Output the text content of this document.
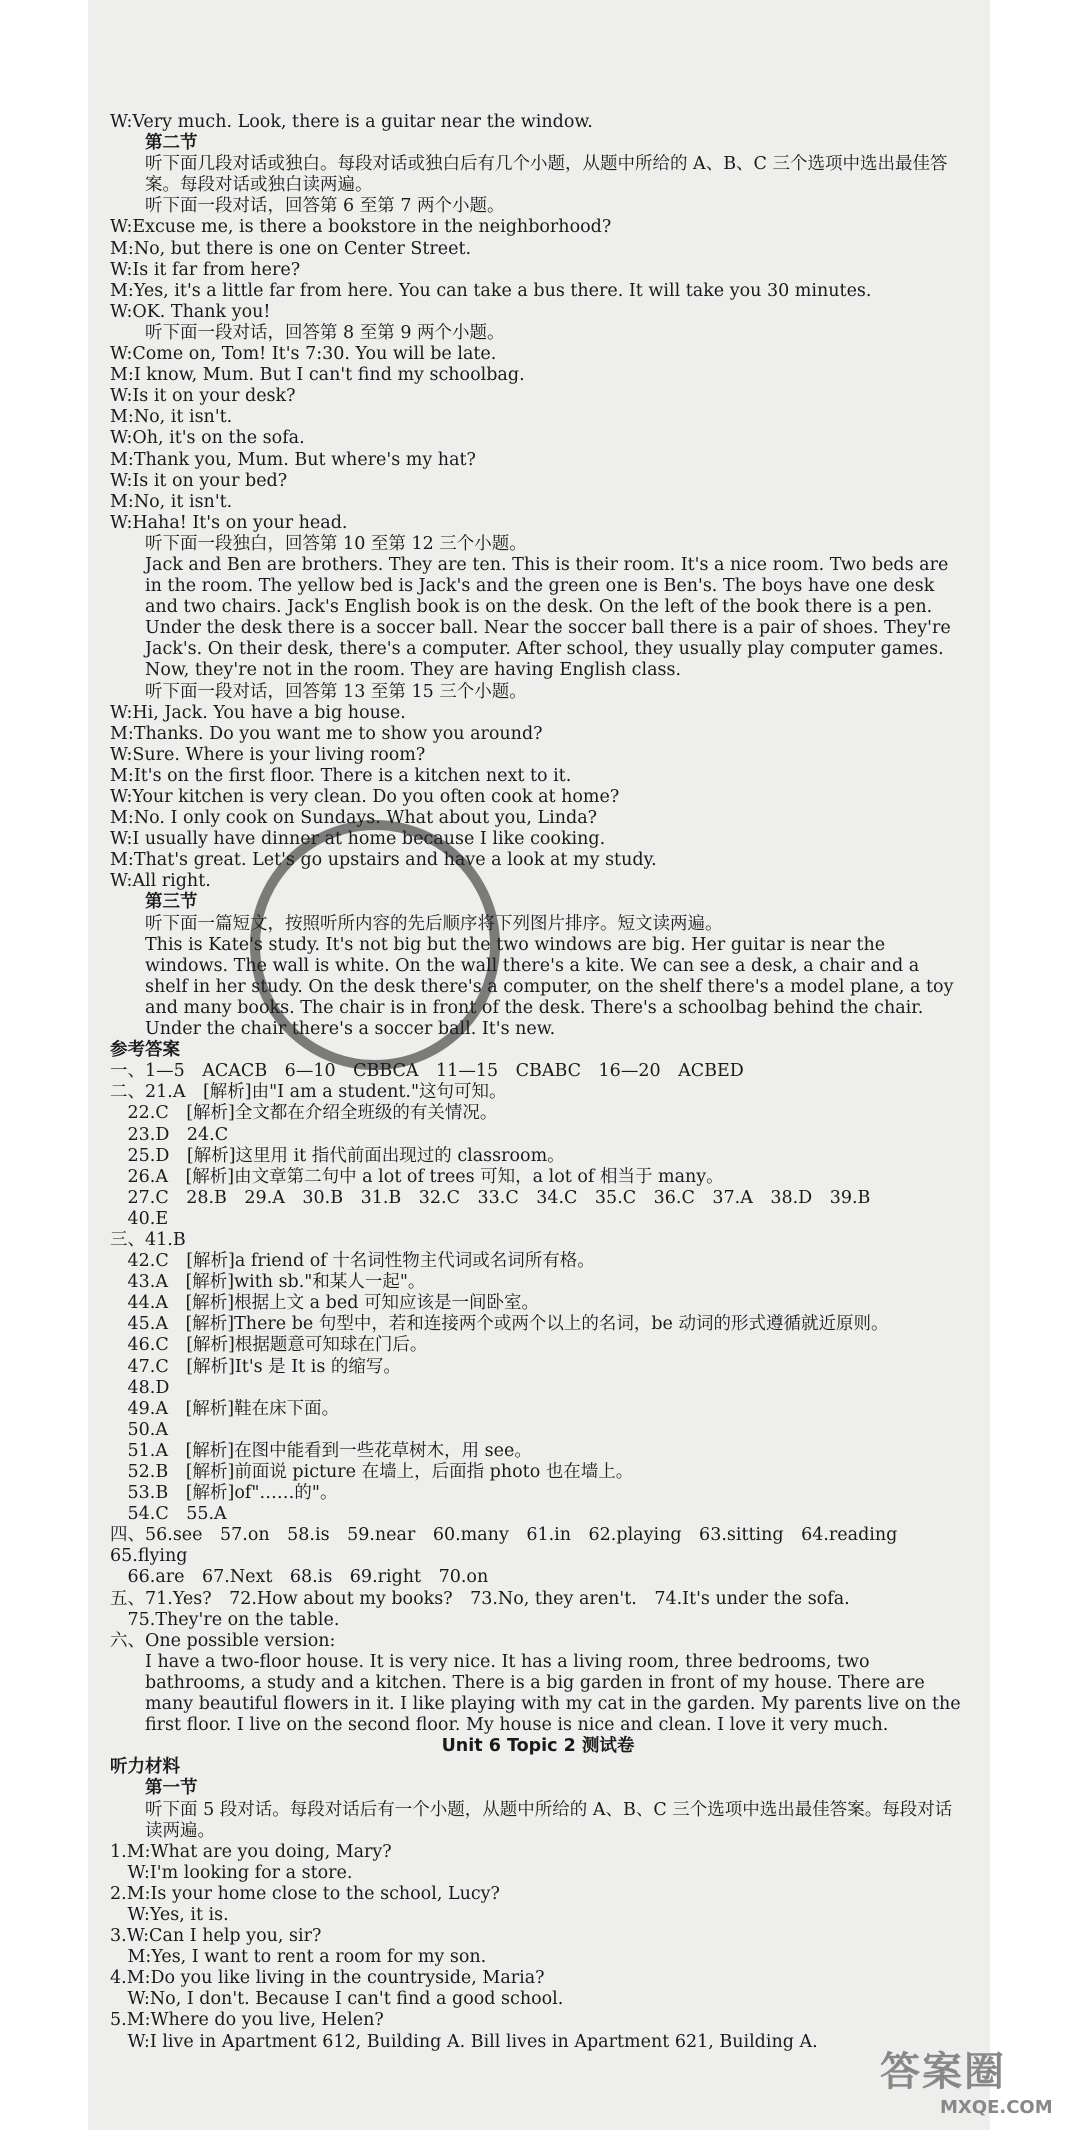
W:Very much. Look, there is a guitar near the window.
第二节
听下面几段对话或独白。每段对话或独白后有几个小题，从题中所给的 A、B、C 三个选项中选出最佳答案。每段对话或独白读两遍。
听下面一段对话，回答第 6 至第 7 两个小题。
W:Excuse me, is there a bookstore in the neighborhood?
M:No, but there is one on Center Street.
W:Is it far from here?
M:Yes, it's a little far from here. You can take a bus there. It will take you 30 minutes.
W:OK. Thank you!
听下面一段对话，回答第 8 至第 9 两个小题。
W:Come on, Tom! It's 7:30. You will be late.
M:I know, Mum. But I can't find my schoolbag.
W:Is it on your desk?
M:No, it isn't.
W:Oh, it's on the sofa.
M:Thank you, Mum. But where's my hat?
W:Is it on your bed?
M:No, it isn't.
W:Haha! It's on your head.
听下面一段独白，回答第 10 至第 12 三个小题。
Jack and Ben are brothers. They are ten. This is their room. It's a nice room. Two beds are in the room. The yellow bed is Jack's and the green one is Ben's. The boys have one desk and two chairs. Jack's English book is on the desk. On the left of the book there is a pen. Under the desk there is a soccer ball. Near the soccer ball there is a pair of shoes. They're Jack's. On their desk, there's a computer. After school, they usually play computer games. Now, they're not in the room. They are having English class.
听下面一段对话，回答第 13 至第 15 三个小题。
W:Hi, Jack. You have a big house.
M:Thanks. Do you want me to show you around?
W:Sure. Where is your living room?
M:It's on the first floor. There is a kitchen next to it.
W:Your kitchen is very clean. Do you often cook at home?
M:No. I only cook on Sundays. What about you, Linda?
W:I usually have dinner at home because I like cooking.
M:That's great. Let's go upstairs and have a look at my study.
W:All right.
第三节
听下面一篇短文，按照听所内容的先后顺序将下列图片排序。短文读两遍。
This is Kate's study. It's not big but the two windows are big. Her guitar is near the windows. The wall is white. On the wall there's a kite. We can see a desk, a chair and a shelf in her study. On the desk there's a computer, on the shelf there's a model plane, a toy and many books. The chair is in front of the desk. There's a schoolbag behind the chair. Under the chair there's a soccer ball. It's new.
参考答案
一、1—5　ACACB　6—10　CBBCA　11—15　CBABC　16—20　ACBED
二、21.A　[解析]由"I am a student."这句可知。
　22.C　[解析]全文都在介绍全班级的有关情况。
　23.D　24.C
　25.D　[解析]这里用 it 指代前面出现过的 classroom。
　26.A　[解析]由文章第二句中 a lot of trees 可知，a lot of 相当于 many。
　27.C　28.B　29.A　30.B　31.B　32.C　33.C　34.C　35.C　36.C　37.A　38.D　39.B
　40.E
三、41.B
　42.C　[解析]a friend of 十名词性物主代词或名词所有格。
　43.A　[解析]with sb."和某人一起"。
　44.A　[解析]根据上文 a bed 可知应该是一间卧室。
　45.A　[解析]There be 句型中，若和连接两个或两个以上的名词，be 动词的形式遵循就近原则。
　46.C　[解析]根据题意可知球在门后。
　47.C　[解析]It's 是 It is 的缩写。
　48.D
　49.A　[解析]鞋在床下面。
　50.A
　51.A　[解析]在图中能看到一些花草树木，用 see。
　52.B　[解析]前面说 picture 在墙上，后面指 photo 也在墙上。
　53.B　[解析]of"……的"。
　54.C　55.A
四、56.see　57.on　58.is　59.near　60.many　61.in　62.playing　63.sitting　64.reading　65.flying
　66.are　67.Next　68.is　69.right　70.on
五、71.Yes?　72.How about my books?　73.No, they aren't.　74.It's under the sofa.
　75.They're on the table.
六、One possible version:
I have a two-floor house. It is very nice. It has a living room, three bedrooms, two bathrooms, a study and a kitchen. There is a big garden in front of my house. There are many beautiful flowers in it. I like playing with my cat in the garden. My parents live on the first floor. I live on the second floor. My house is nice and clean. I love it very much.
Unit 6 Topic 2 测试卷
听力材料
第一节
听下面 5 段对话。每段对话后有一个小题，从题中所给的 A、B、C 三个选项中选出最佳答案。每段对话读两遍。
1.M:What are you doing, Mary?
　W:I'm looking for a store.
2.M:Is your home close to the school, Lucy?
　W:Yes, it is.
3.W:Can I help you, sir?
　M:Yes, I want to rent a room for my son.
4.M:Do you like living in the countryside, Maria?
　W:No, I don't. Because I can't find a good school.
5.M:Where do you live, Helen?
　W:I live in Apartment 612, Building A. Bill lives in Apartment 621, Building A.
答案圈
MXQE.COM
